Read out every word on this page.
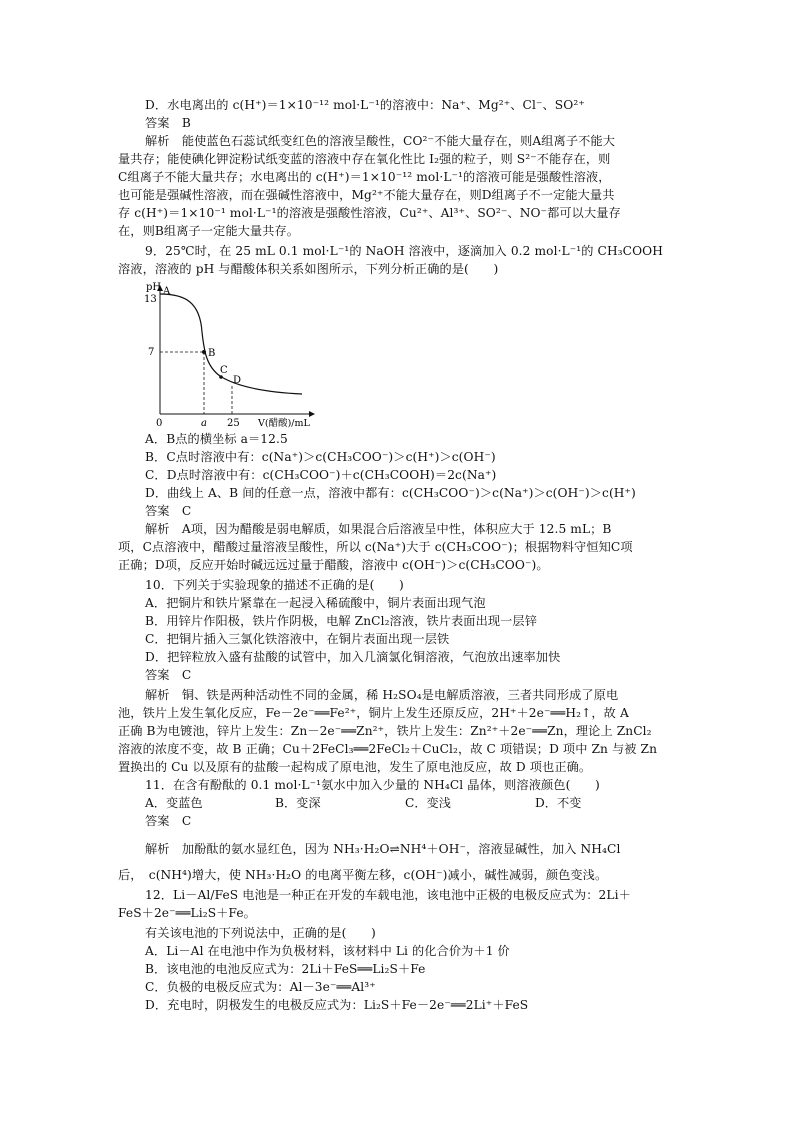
D．水电离出的 c(H⁺)＝1×10⁻¹² mol·L⁻¹的溶液中：Na⁺、Mg²⁺、Cl⁻、SO²⁺
答案　B
解析　能使蓝色石蕊试纸变红色的溶液呈酸性，CO²⁻不能大量存在，则A组离子不能大
量共存；能使碘化钾淀粉试纸变蓝的溶液中存在氧化性比 I₂强的粒子，则 S²⁻不能存在，则
C组离子不能大量共存；水电离出的 c(H⁺)＝1×10⁻¹² mol·L⁻¹的溶液可能是强酸性溶液，
也可能是强碱性溶液，而在强碱性溶液中，Mg²⁺不能大量存在，则D组离子不一定能大量共
存 c(H⁺)＝1×10⁻¹ mol·L⁻¹的溶液是强酸性溶液，Cu²⁺、Al³⁺、SO²⁻、NO⁻都可以大量存
在，则B组离子一定能大量共存。
9．25℃时，在 25 mL 0.1 mol·L⁻¹的 NaOH 溶液中，逐滴加入 0.2 mol·L⁻¹的 CH₃COOH
溶液，溶液的 pH 与醋酸体积关系如图所示，下列分析正确的是(　　)
pH
13
7
0	a 25 V(醋酸)/mL
A
B
C
D
A．B点的横坐标 a＝12.5
B．C点时溶液中有：c(Na⁺)＞c(CH₃COO⁻)＞c(H⁺)＞c(OH⁻)
C．D点时溶液中有：c(CH₃COO⁻)＋c(CH₃COOH)＝2c(Na⁺)
D．曲线上 A、B 间的任意一点，溶液中都有：c(CH₃COO⁻)＞c(Na⁺)＞c(OH⁻)＞c(H⁺)
答案　C
解析　A项，因为醋酸是弱电解质，如果混合后溶液呈中性，体积应大于 12.5 mL；B
项，C点溶液中，醋酸过量溶液呈酸性，所以 c(Na⁺)大于 c(CH₃COO⁻)；根据物料守恒知C项
正确；D项，反应开始时碱远远过量于醋酸，溶液中 c(OH⁻)＞c(CH₃COO⁻)。
10．下列关于实验现象的描述不正确的是(　　)
A．把铜片和铁片紧靠在一起浸入稀硫酸中，铜片表面出现气泡
B．用锌片作阳极，铁片作阴极，电解 ZnCl₂溶液，铁片表面出现一层锌
C．把铜片插入三氯化铁溶液中，在铜片表面出现一层铁
D．把锌粒放入盛有盐酸的试管中，加入几滴氯化铜溶液，气泡放出速率加快
答案　C
解析　铜、铁是两种活动性不同的金属，稀 H₂SO₄是电解质溶液，三者共同形成了原电
池，铁片上发生氧化反应，Fe－2e⁻══Fe²⁺，铜片上发生还原反应，2H⁺＋2e⁻══H₂↑，故 A
正确 B为电镀池，锌片上发生：Zn－2e⁻══Zn²⁺，铁片上发生：Zn²⁺＋2e⁻══Zn，理论上 ZnCl₂
溶液的浓度不变，故 B 正确；Cu＋2FeCl₃══2FeCl₂＋CuCl₂，故 C 项错误；D 项中 Zn 与被 Zn
置换出的 Cu 以及原有的盐酸一起构成了原电池，发生了原电池反应，故 D 项也正确。
11．在含有酚酞的 0.1 mol·L⁻¹氨水中加入少量的 NH₄Cl 晶体，则溶液颜色(　　)
A．变蓝色	B．变深	C．变浅	D．不变
答案　C
解析　加酚酞的氨水显红色，因为 NH₃·H₂O⇌NH⁴＋OH⁻，溶液显碱性，加入 NH₄Cl
后，　c(NH⁴)增大，使 NH₃·H₂O 的电离平衡左移，c(OH⁻)减小，碱性减弱，颜色变浅。
12．Li－Al/FeS 电池是一种正在开发的车载电池，该电池中正极的电极反应式为：2Li＋
FeS＋2e⁻══Li₂S＋Fe。
有关该电池的下列说法中，正确的是(　　)
A．Li－Al 在电池中作为负极材料，该材料中 Li 的化合价为＋1 价
B．该电池的电池反应式为：2Li＋FeS══Li₂S＋Fe
C．负极的电极反应式为：Al－3e⁻══Al³⁺
D．充电时，阴极发生的电极反应式为：Li₂S＋Fe－2e⁻══2Li⁺＋FeS
